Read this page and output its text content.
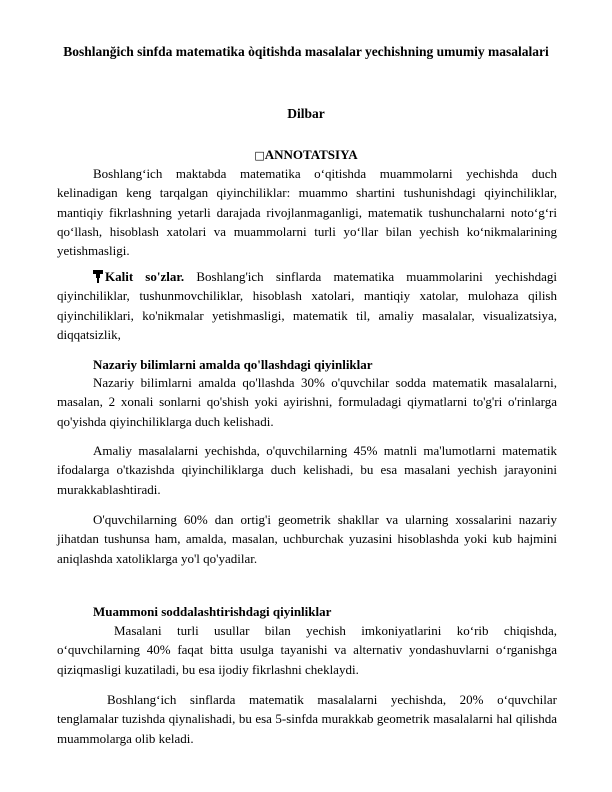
Boshlanğich sinfda matematika òqitishda masalalar yechishning umumiy masalalari
Dilbar
□ANNOTATSIYA

Boshlang‘ich maktabda matematika o‘qitishda muammolarni yechishda duch kelinadigan keng tarqalgan qiyinchiliklar: muammo shartini tushunishdagi qiyinchiliklar, mantiqiy fikrlashning yetarli darajada rivojlanmaganligi, matematik tushunchalarni noto‘g‘ri qo‘llash, hisoblash xatolari va muammolarni turli yo‘llar bilan yechish ko‘nikmalarining yetishmasligi.

Kalit so'zlar. Boshlang'ich sinflarda matematika muammolarini yechishdagi qiyinchiliklar, tushunmovchiliklar, hisoblash xatolari, mantiqiy xatolar, mulohaza qilish qiyinchiliklari, ko'nikmalar yetishmasligi, matematik til, amaliy masalalar, visualizatsiya, diqqatsizlik,

Nazariy bilimlarni amalda qo'llashdagi qiyinliklar

Nazariy bilimlarni amalda qo'llashda 30% o'quvchilar sodda matematik masalalarni, masalan, 2 xonali sonlarni qo'shish yoki ayirishni, formuladagi qiymatlarni to'g'ri o'rinlarga qo'yishda qiyinchiliklarga duch kelishadi.

Amaliy masalalarni yechishda, o'quvchilarning 45% matnli ma'lumotlarni matematik ifodalarga o'tkazishda qiyinchiliklarga duch kelishadi, bu esa masalani yechish jarayonini murakkablashtiradi.

O'quvchilarning 60% dan ortig'i geometrik shakllar va ularning xossalarini nazariy jihatdan tushunsa ham, amalda, masalan, uchburchak yuzasini hisoblashda yoki kub hajmini aniqlashda xatoliklarga yo'l qo'yadilar.

Muammoni soddalashtirishdagi qiyinliklar

Masalani turli usullar bilan yechish imkoniyatlarini ko‘rib chiqishda, o‘quvchilarning 40% faqat bitta usulga tayanishi va alternativ yondashuvlarni o‘rganishga qiziqmasligi kuzatiladi, bu esa ijodiy fikrlashni cheklaydi.

Boshlang‘ich sinflarda matematik masalalarni yechishda, 20% o‘quvchilar tenglamalar tuzishda qiynalishadi, bu esa 5-sinfda murakkab geometrik masalalarni hal qilishda muammolarga olib keladi.
